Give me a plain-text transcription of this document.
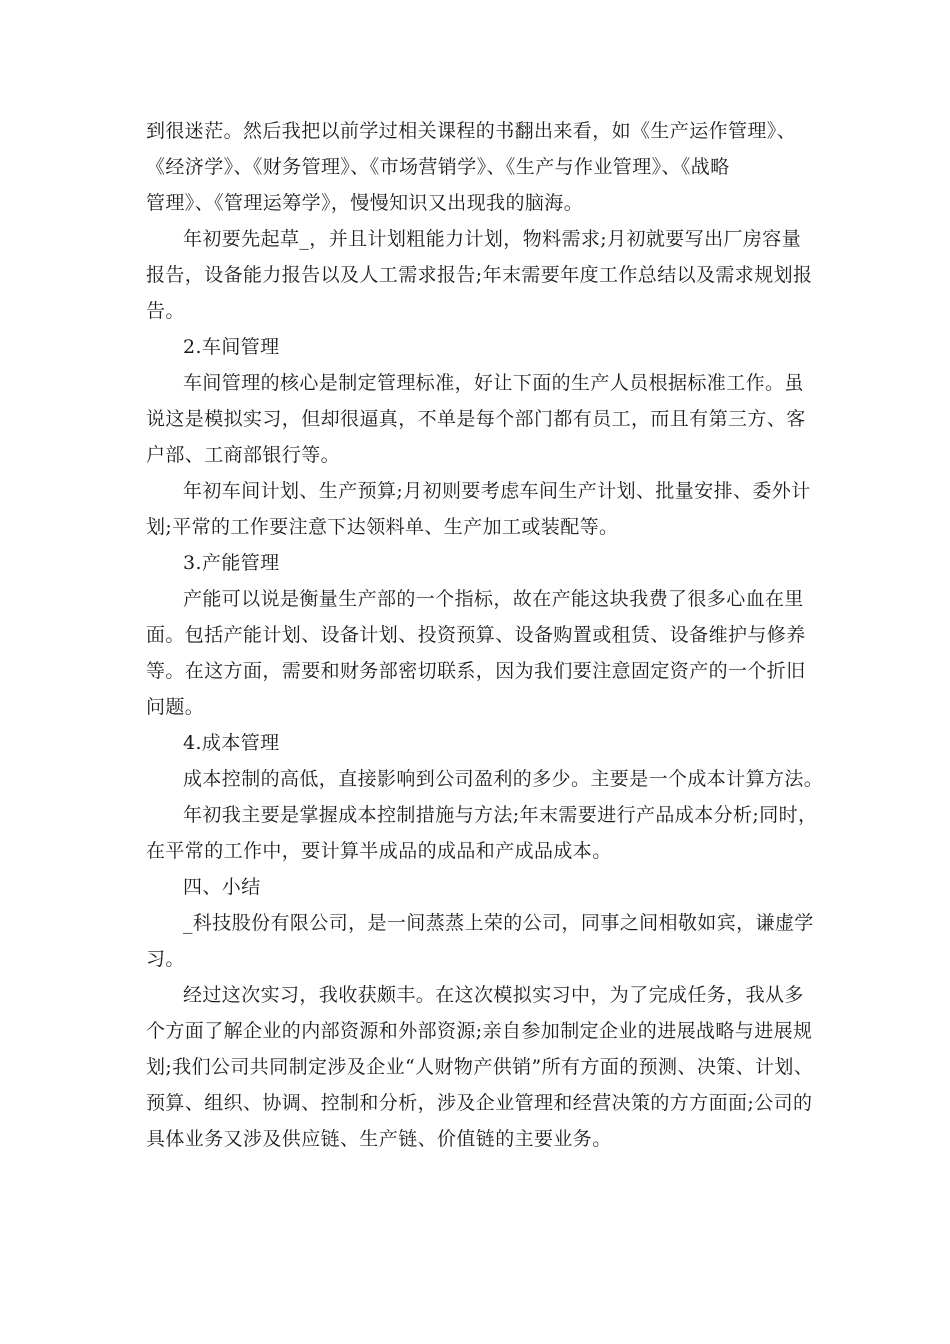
到很迷茫。然后我把以前学过相关课程的书翻出来看，如《生产运作管理》、
《经济学》、《财务管理》、《市场营销学》、《生产与作业管理》、《战略
管理》、《管理运筹学》，慢慢知识又出现我的脑海。
年初要先起草_，并且计划粗能力计划，物料需求;月初就要写出厂房容量
报告，设备能力报告以及人工需求报告;年末需要年度工作总结以及需求规划报
告。
2.车间管理
车间管理的核心是制定管理标准，好让下面的生产人员根据标准工作。虽
说这是模拟实习，但却很逼真，不单是每个部门都有员工，而且有第三方、客
户部、工商部银行等。
年初车间计划、生产预算;月初则要考虑车间生产计划、批量安排、委外计
划;平常的工作要注意下达领料单、生产加工或装配等。
3.产能管理
产能可以说是衡量生产部的一个指标，故在产能这块我费了很多心血在里
面。包括产能计划、设备计划、投资预算、设备购置或租赁、设备维护与修养
等。在这方面，需要和财务部密切联系，因为我们要注意固定资产的一个折旧
问题。
4.成本管理
成本控制的高低，直接影响到公司盈利的多少。主要是一个成本计算方法。
年初我主要是掌握成本控制措施与方法;年末需要进行产品成本分析;同时，
在平常的工作中，要计算半成品的成品和产成品成本。
四、小结
_科技股份有限公司，是一间蒸蒸上荣的公司，同事之间相敬如宾，谦虚学
习。
经过这次实习，我收获颇丰。在这次模拟实习中，为了完成任务，我从多
个方面了解企业的内部资源和外部资源;亲自参加制定企业的进展战略与进展规
划;我们公司共同制定涉及企业“人财物产供销”所有方面的预测、决策、计划、
预算、组织、协调、控制和分析，涉及企业管理和经营决策的方方面面;公司的
具体业务又涉及供应链、生产链、价值链的主要业务。
